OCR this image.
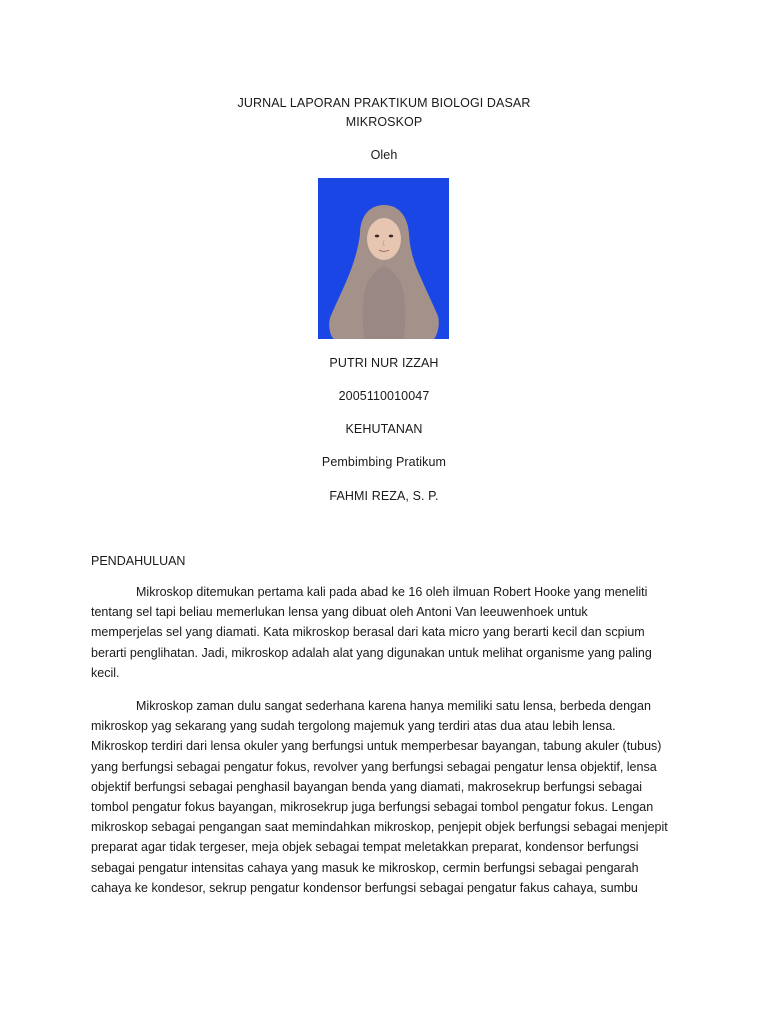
JURNAL LAPORAN PRAKTIKUM BIOLOGI DASAR
MIKROSKOP
Oleh
PUTRI NUR IZZAH
2005110010047
KEHUTANAN
Pembimbing Pratikum
FAHMI REZA, S. P.
PENDAHULUAN
Mikroskop ditemukan pertama kali pada abad ke 16 oleh ilmuan Robert Hooke yang meneliti
tentang sel tapi beliau memerlukan lensa yang dibuat oleh Antoni Van leeuwenhoek untuk
memperjelas sel yang diamati. Kata mikroskop berasal dari kata micro yang berarti kecil dan scpium
berarti penglihatan. Jadi, mikroskop adalah alat yang digunakan untuk melihat organisme yang paling
kecil.
Mikroskop zaman dulu sangat sederhana karena hanya memiliki satu lensa, berbeda dengan
mikroskop yag sekarang yang sudah tergolong majemuk yang terdiri atas dua atau lebih lensa.
Mikroskop terdiri dari lensa okuler yang berfungsi untuk memperbesar bayangan, tabung akuler (tubus)
yang berfungsi sebagai pengatur fokus, revolver yang berfungsi sebagai pengatur lensa objektif, lensa
objektif berfungsi sebagai penghasil bayangan benda yang diamati, makrosekrup berfungsi sebagai
tombol pengatur fokus bayangan, mikrosekrup juga berfungsi sebagai tombol pengatur fokus. Lengan
mikroskop sebagai pengangan saat memindahkan mikroskop, penjepit objek berfungsi sebagai menjepit
preparat agar tidak tergeser, meja objek sebagai tempat meletakkan preparat, kondensor berfungsi
sebagai pengatur intensitas cahaya yang masuk ke mikroskop, cermin berfungsi sebagai pengarah
cahaya ke kondesor, sekrup pengatur kondensor berfungsi sebagai pengatur fakus cahaya, sumbu
